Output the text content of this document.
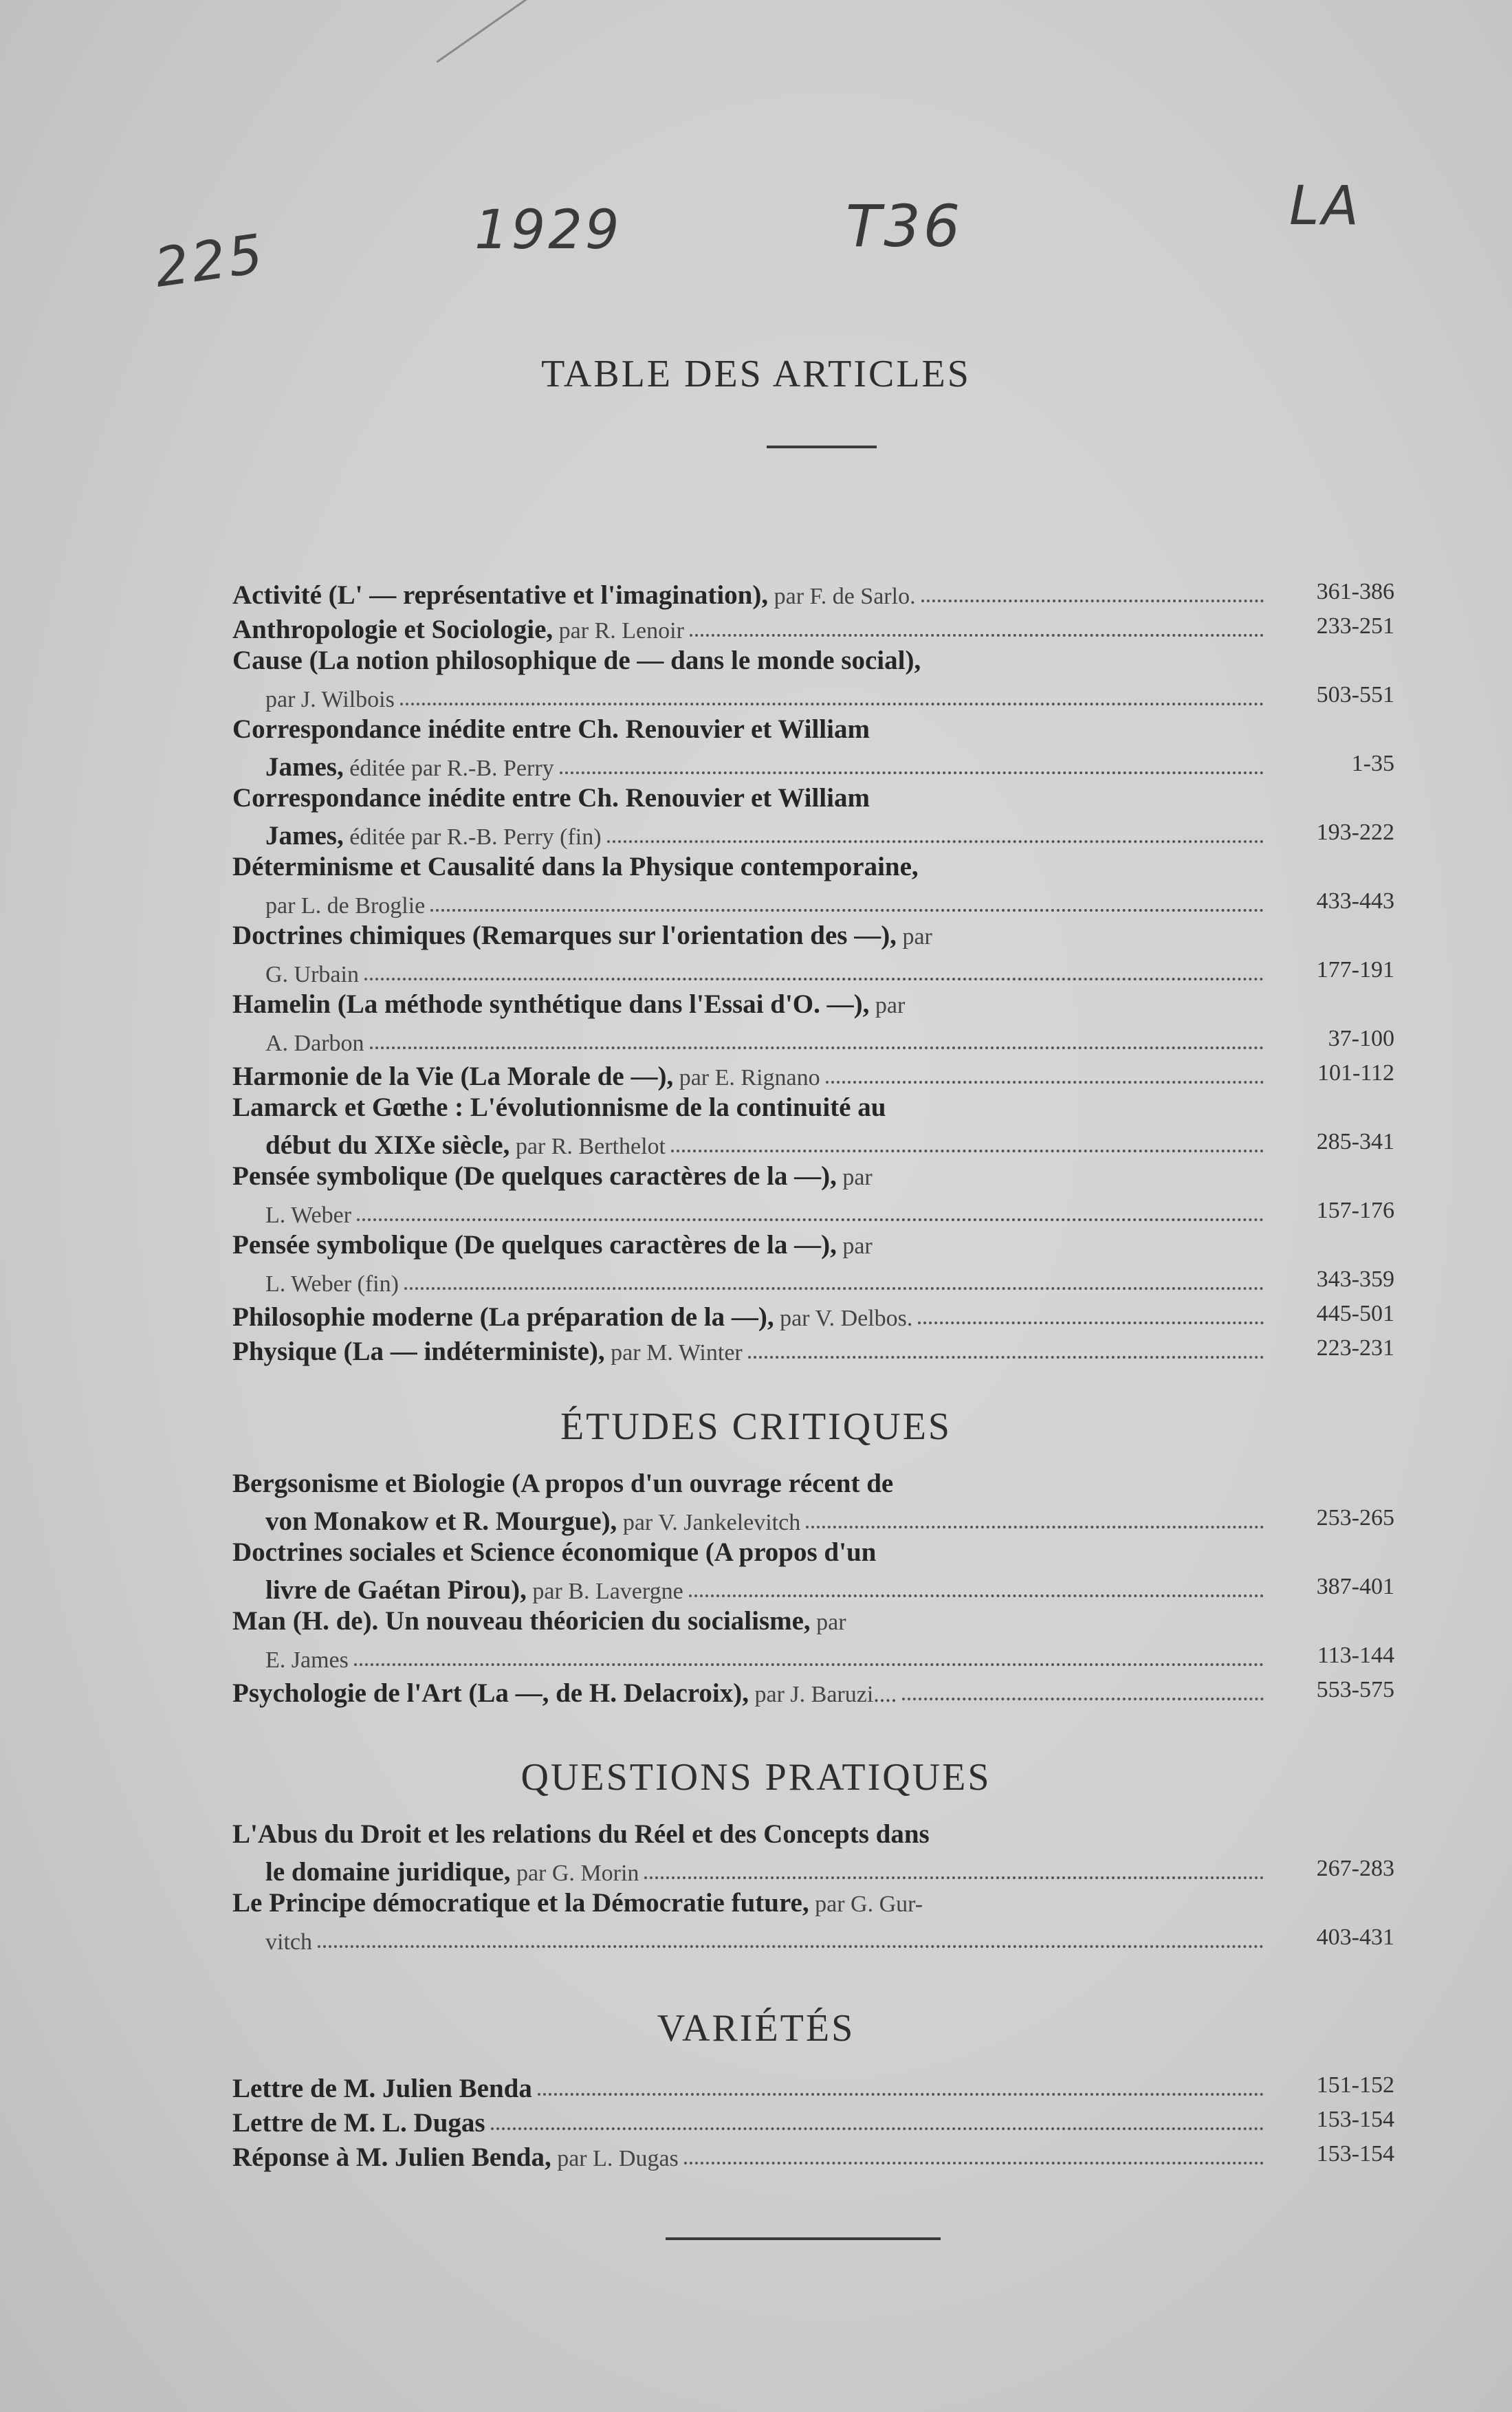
225	1929	T36	LA
TABLE DES ARTICLES
Activité (L' — représentative et l'imagination), par F. de Sarlo.	361-386
Anthropologie et Sociologie, par R. Lenoir	233-251
Cause (La notion philosophique de — dans le monde social),
par J. Wilbois	503-551
Correspondance inédite entre Ch. Renouvier et William
James, éditée par R.-B. Perry	1-35
Correspondance inédite entre Ch. Renouvier et William
James, éditée par R.-B. Perry (fin)	193-222
Déterminisme et Causalité dans la Physique contemporaine,
par L. de Broglie	433-443
Doctrines chimiques (Remarques sur l'orientation des —), par
G. Urbain	177-191
Hamelin (La méthode synthétique dans l'Essai d'O. —), par
A. Darbon	37-100
Harmonie de la Vie (La Morale de —), par E. Rignano	101-112
Lamarck et Gœthe : L'évolutionnisme de la continuité au
début du XIXe siècle, par R. Berthelot	285-341
Pensée symbolique (De quelques caractères de la —), par
L. Weber	157-176
Pensée symbolique (De quelques caractères de la —), par
L. Weber (fin)	343-359
Philosophie moderne (La préparation de la —), par V. Delbos.	445-501
Physique (La — indéterministe), par M. Winter	223-231
ÉTUDES CRITIQUES
Bergsonisme et Biologie (A propos d'un ouvrage récent de
von Monakow et R. Mourgue), par V. Jankelevitch	253-265
Doctrines sociales et Science économique (A propos d'un
livre de Gaétan Pirou), par B. Lavergne	387-401
Man (H. de). Un nouveau théoricien du socialisme, par
E. James	113-144
Psychologie de l'Art (La —, de H. Delacroix), par J. Baruzi....	553-575
QUESTIONS PRATIQUES
L'Abus du Droit et les relations du Réel et des Concepts dans
le domaine juridique, par G. Morin	267-283
Le Principe démocratique et la Démocratie future, par G. Gur-
vitch	403-431
VARIÉTÉS
Lettre de M. Julien Benda	151-152
Lettre de M. L. Dugas	153-154
Réponse à M. Julien Benda, par L. Dugas	153-154
